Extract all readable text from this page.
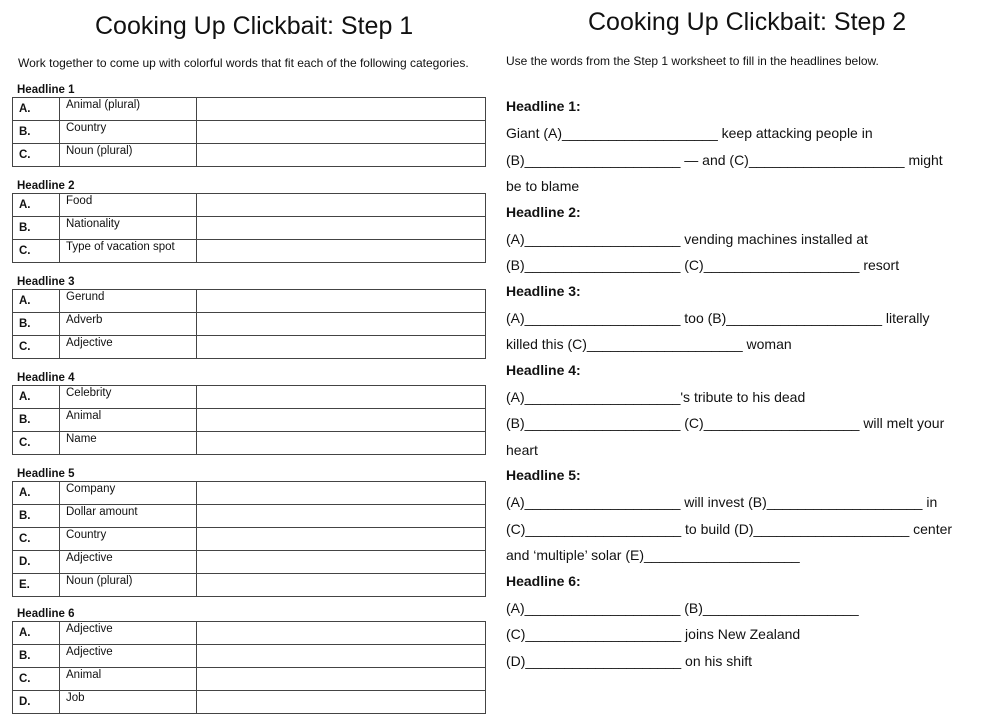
Cooking Up Clickbait: Step 1	Cooking Up Clickbait: Step 2
Work together to come up with colorful words that fit each of the following categories.	Use the words from the Step 1 worksheet to fill in the headlines below.
Headline 1
A.	Animal (plural)	
B.	Country	
C.	Noun (plural)	
Headline 2
A.	Food	
B.	Nationality	
C.	Type of vacation spot	
Headline 3
A.	Gerund	
B.	Adverb	
C.	Adjective	
Headline 4
A.	Celebrity	
B.	Animal	
C.	Name	
Headline 5
A.	Company	
B.	Dollar amount	
C.	Country	
D.	Adjective	
E.	Noun (plural)	
Headline 6
A.	Adjective	
B.	Adjective	
C.	Animal	
D.	Job	
Headline 1:
Giant (A)____________________ keep attacking people in
(B)____________________ — and (C)____________________ might
be to blame
Headline 2:
(A)____________________ vending machines installed at
(B)____________________ (C)____________________ resort
Headline 3:
(A)____________________ too (B)____________________ literally
killed this (C)____________________ woman
Headline 4:
(A)____________________'s tribute to his dead
(B)____________________ (C)____________________ will melt your
heart
Headline 5:
(A)____________________ will invest (B)____________________ in
(C)____________________ to build (D)____________________ center
and ‘multiple’ solar (E)____________________
Headline 6:
(A)____________________ (B)____________________
(C)____________________ joins New Zealand
(D)____________________ on his shift
